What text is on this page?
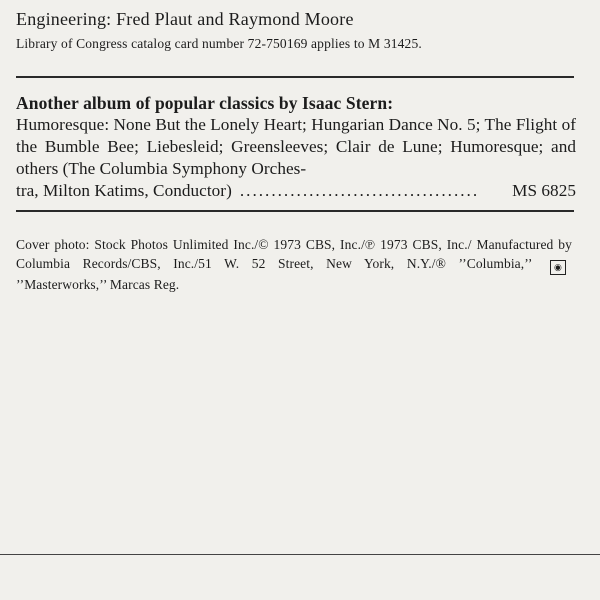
Engineering: Fred Plaut and Raymond Moore
Library of Congress catalog card number 72-750169 applies to M 31425.
Another album of popular classics by Isaac Stern:
Humoresque: None But the Lonely Heart; Hungarian Dance No. 5; The Flight of the Bumble Bee; Liebesleid; Greensleeves; Clair de Lune; Humoresque; and others (The Columbia Symphony Orches-
tra, Milton Katims, Conductor) ......................................	MS 6825
Cover photo: Stock Photos Unlimited Inc./© 1973 CBS, Inc./℗ 1973 CBS, Inc./ Manufactured by Columbia Records/CBS, Inc./51 W. 52 Street, New York, N.Y./® ’’Columbia,’’	◉ ’’Masterworks,’’ Marcas Reg.
